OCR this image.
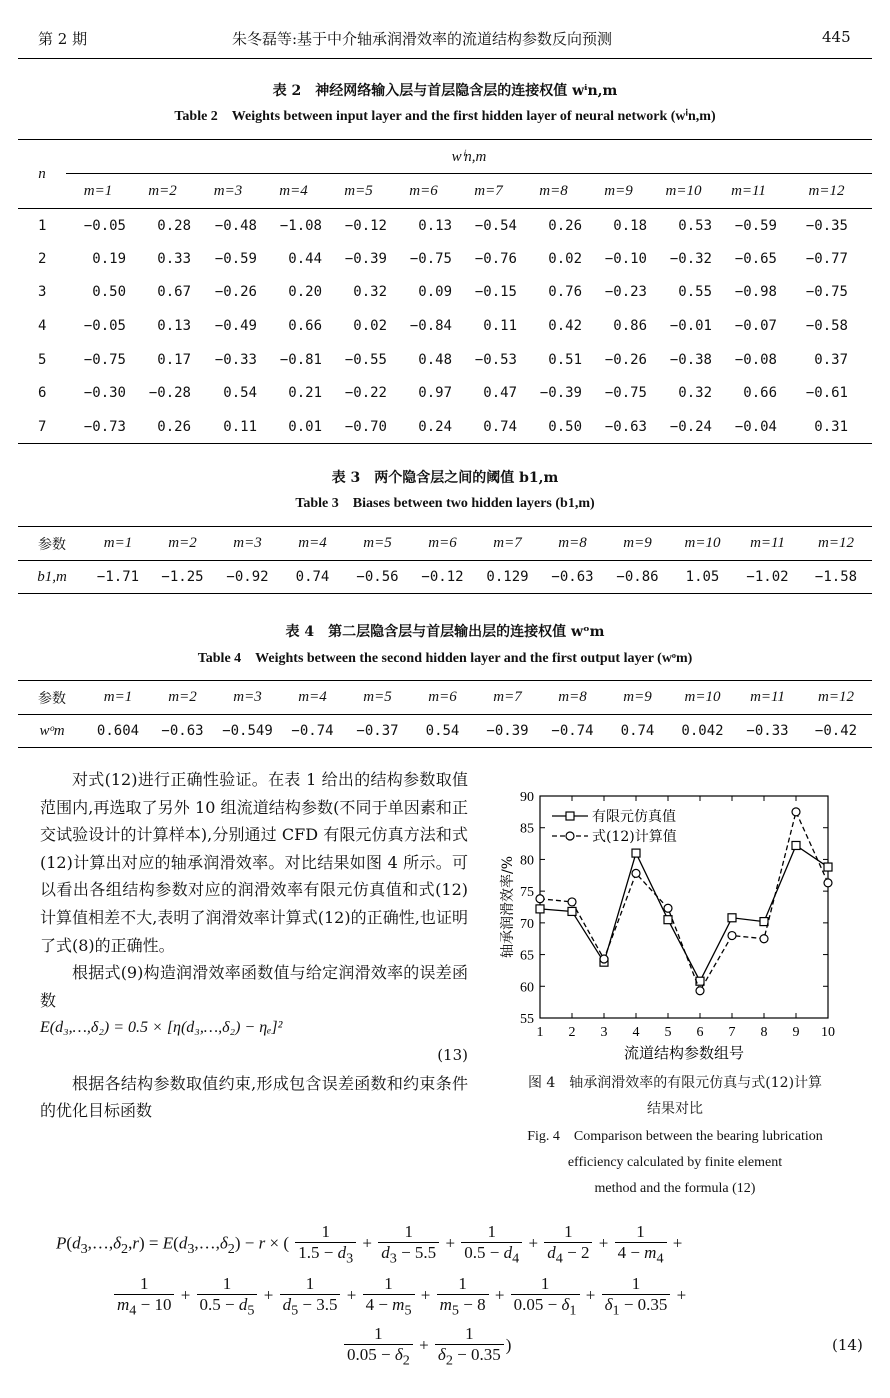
第 2 期	朱冬磊等:基于中介轴承润滑效率的流道结构参数反向预测	445
表 2　神经网络输入层与首层隐含层的连接权值 wⁱn,m
Table 2　Weights between input layer and the first hidden layer of neural network (wⁱn,m)
n	wⁱn,m											
	m=1	m=2	m=3	m=4	m=5	m=6	m=7	m=8	m=9	m=10	m=11	m=12
1	−0.05	0.28	−0.48	−1.08	−0.12	0.13	−0.54	0.26	0.18	0.53	−0.59	−0.35
2	0.19	0.33	−0.59	0.44	−0.39	−0.75	−0.76	0.02	−0.10	−0.32	−0.65	−0.77
3	0.50	0.67	−0.26	0.20	0.32	0.09	−0.15	0.76	−0.23	0.55	−0.98	−0.75
4	−0.05	0.13	−0.49	0.66	0.02	−0.84	0.11	0.42	0.86	−0.01	−0.07	−0.58
5	−0.75	0.17	−0.33	−0.81	−0.55	0.48	−0.53	0.51	−0.26	−0.38	−0.08	0.37
6	−0.30	−0.28	0.54	0.21	−0.22	0.97	0.47	−0.39	−0.75	0.32	0.66	−0.61
7	−0.73	0.26	0.11	0.01	−0.70	0.24	0.74	0.50	−0.63	−0.24	−0.04	0.31
表 3　两个隐含层之间的阈值 b1,m
Table 3　Biases between two hidden layers (b1,m)
参数	m=1	m=2	m=3	m=4	m=5	m=6	m=7	m=8	m=9	m=10	m=11	m=12
b1,m	−1.71	−1.25	−0.92	0.74	−0.56	−0.12	0.129	−0.63	−0.86	1.05	−1.02	−1.58
表 4　第二层隐含层与首层输出层的连接权值 wᵒm
Table 4　Weights between the second hidden layer and the first output layer (wᵒm)
参数	m=1	m=2	m=3	m=4	m=5	m=6	m=7	m=8	m=9	m=10	m=11	m=12
wᵒm	0.604	−0.63	−0.549	−0.74	−0.37	0.54	−0.39	−0.74	0.74	0.042	−0.33	−0.42

对式(12)进行正确性验证。在表 1 给出的结构参数取值范围内,再选取了另外 10 组流道结构参数(不同于单因素和正交试验设计的计算样本),分别通过 CFD 有限元仿真方法和式(12)计算出对应的轴承润滑效率。对比结果如图 4 所示。可以看出各组结构参数对应的润滑效率有限元仿真值和式(12)计算值相差不大,表明了润滑效率计算式(12)的正确性,也证明了式(8)的正确性。

根据式(9)构造润滑效率函数值与给定润滑效率的误差函数

E(d₃,…,δ₂) = 0.5 × [η(d₃,…,δ₂) − ηₑ]²

(13)

根据各结构参数取值约束,形成包含误差函数和约束条件的优化目标函数

55
60
65
70
75
80
85
90
1 2 3 4 5 6 7 8 9 10
流道结构参数组号
轴承润滑效率/%
有限元仿真值
式(12)计算值
图 4　轴承润滑效率的有限元仿真与式(12)计算
结果对比
Fig. 4　Comparison between the bearing lubrication
efficiency calculated by finite element
method and the formula (12)
$P(d_3,\dots,\delta_2,r)$ = $E(d_3,\dots,\delta_2) - r$ × ( $\frac{1}{1.5 - d_3} + \frac{1}{d_3 - 5.5} + \frac{1}{0.5 - d_4} + \frac{1}{d_4 - 2} + \frac{1}{4 - m_4}$ +
$\frac{1}{m_4 - 10} + \frac{1}{0.5 - d_5} + \frac{1}{d_5 - 3.5} + \frac{1}{4 - m_5} + \frac{1}{m_5 - 8} + \frac{1}{0.05 - \delta_1} + \frac{1}{\delta_1 - 0.35}$ +
$\frac{1}{0.05 - \delta_2} + \frac{1}{\delta_2 - 0.35}$ )	(14)
